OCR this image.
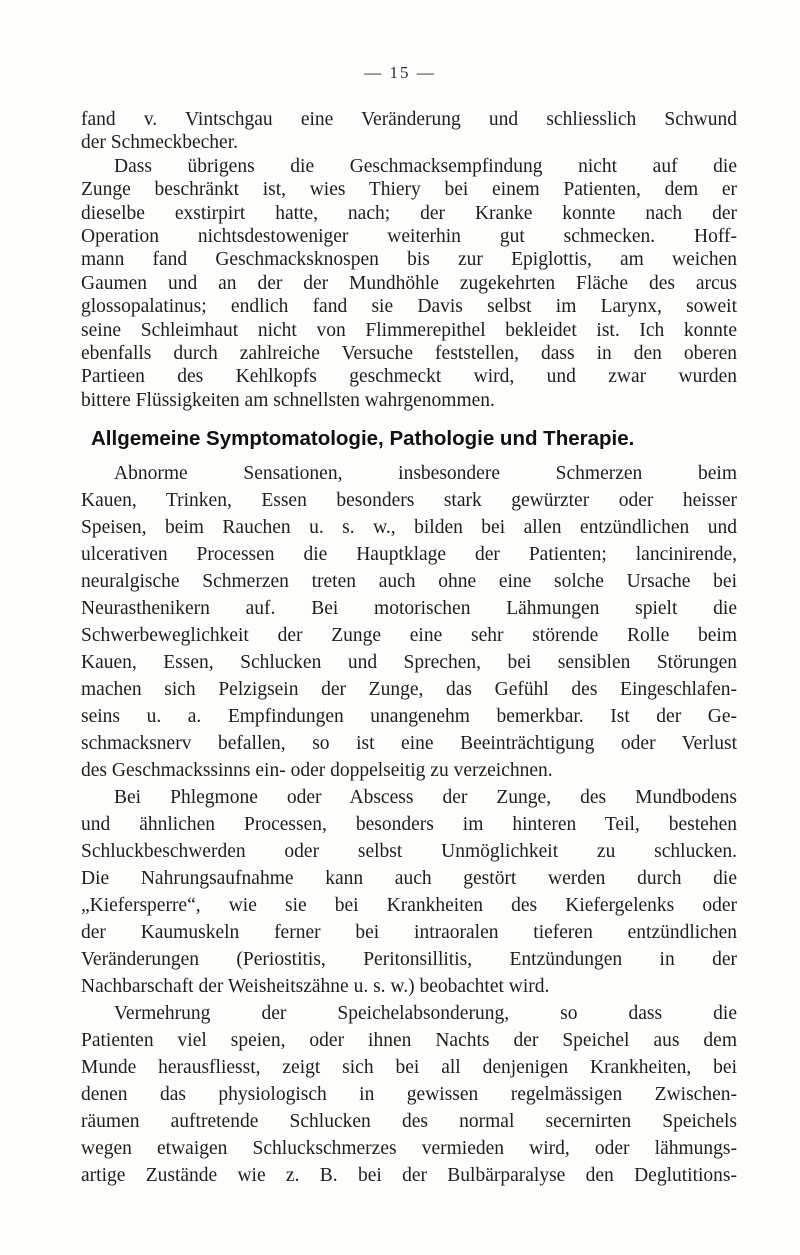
— 15 —
fand v. Vintschgau eine Veränderung und schliesslich Schwund
der Schmeckbecher.
Dass übrigens die Geschmacksempfindung nicht auf die
Zunge beschränkt ist, wies Thiery bei einem Patienten, dem er
dieselbe exstirpirt hatte, nach; der Kranke konnte nach der
Operation nichtsdestoweniger weiterhin gut schmecken. Hoff-
mann fand Geschmacksknospen bis zur Epiglottis, am weichen
Gaumen und an der der Mundhöhle zugekehrten Fläche des arcus
glossopalatinus; endlich fand sie Davis selbst im Larynx, soweit
seine Schleimhaut nicht von Flimmerepithel bekleidet ist. Ich konnte
ebenfalls durch zahlreiche Versuche feststellen, dass in den oberen
Partieen des Kehlkopfs geschmeckt wird, und zwar wurden
bittere Flüssigkeiten am schnellsten wahrgenommen.
Allgemeine Symptomatologie, Pathologie und Therapie.
Abnorme Sensationen, insbesondere Schmerzen beim
Kauen, Trinken, Essen besonders stark gewürzter oder heisser
Speisen, beim Rauchen u. s. w., bilden bei allen entzündlichen und
ulcerativen Processen die Hauptklage der Patienten; lancinirende,
neuralgische Schmerzen treten auch ohne eine solche Ursache bei
Neurasthenikern auf. Bei motorischen Lähmungen spielt die
Schwerbeweglichkeit der Zunge eine sehr störende Rolle beim
Kauen, Essen, Schlucken und Sprechen, bei sensiblen Störungen
machen sich Pelzigsein der Zunge, das Gefühl des Eingeschlafen-
seins u. a. Empfindungen unangenehm bemerkbar. Ist der Ge-
schmacksnerv befallen, so ist eine Beeinträchtigung oder Verlust
des Geschmackssinns ein- oder doppelseitig zu verzeichnen.
Bei Phlegmone oder Abscess der Zunge, des Mundbodens
und ähnlichen Processen, besonders im hinteren Teil, bestehen
Schluckbeschwerden oder selbst Unmöglichkeit zu schlucken.
Die Nahrungsaufnahme kann auch gestört werden durch die
„Kiefersperre“, wie sie bei Krankheiten des Kiefergelenks oder
der Kaumuskeln ferner bei intraoralen tieferen entzündlichen
Veränderungen (Periostitis, Peritonsillitis, Entzündungen in der
Nachbarschaft der Weisheitszähne u. s. w.) beobachtet wird.
Vermehrung der Speichelabsonderung, so dass die
Patienten viel speien, oder ihnen Nachts der Speichel aus dem
Munde herausfliesst, zeigt sich bei all denjenigen Krankheiten, bei
denen das physiologisch in gewissen regelmässigen Zwischen-
räumen auftretende Schlucken des normal secernirten Speichels
wegen etwaigen Schluckschmerzes vermieden wird, oder lähmungs-
artige Zustände wie z. B. bei der Bulbärparalyse den Deglutitions-
